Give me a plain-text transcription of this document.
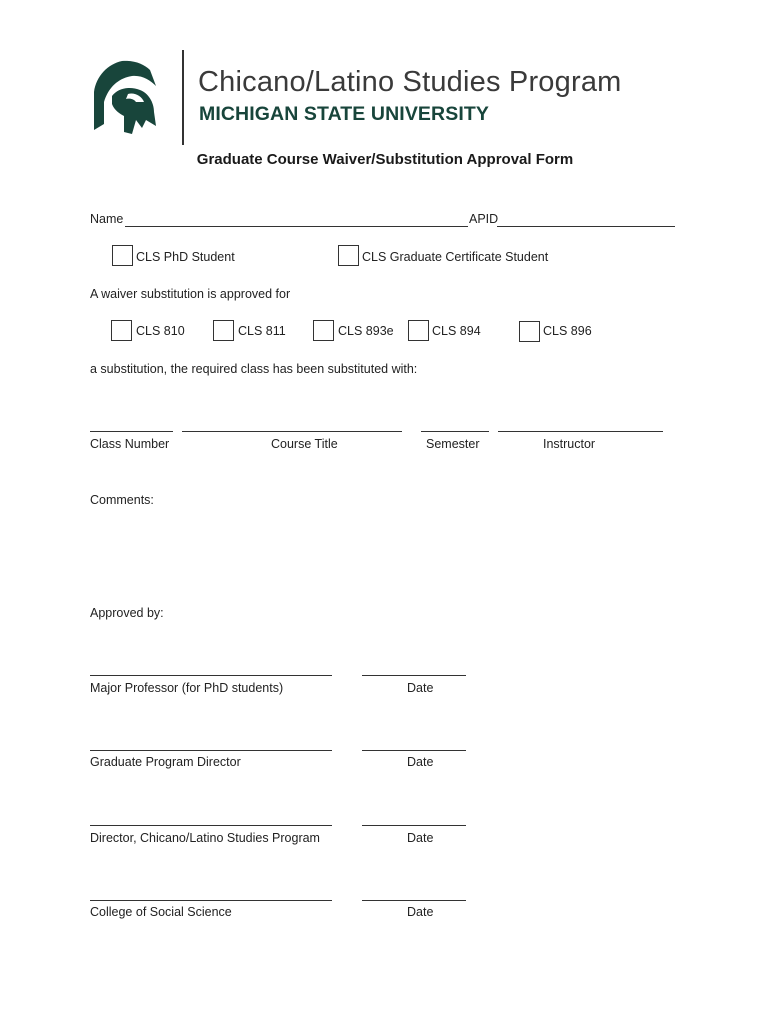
Chicano/Latino Studies Program
MICHIGAN STATE UNIVERSITY
Graduate Course Waiver/Substitution Approval Form
Name	APID
CLS PhD Student	CLS Graduate Certificate Student
A waiver substitution is approved for
CLS 810	CLS 811	CLS 893e	CLS 894	CLS 896
a substitution, the required class has been substituted with:
Class Number	Course Title	Semester	Instructor
Comments:
Approved by:
Major Professor (for PhD students)	Date
Graduate Program Director	Date
Director, Chicano/Latino Studies Program	Date
College of Social Science	Date
